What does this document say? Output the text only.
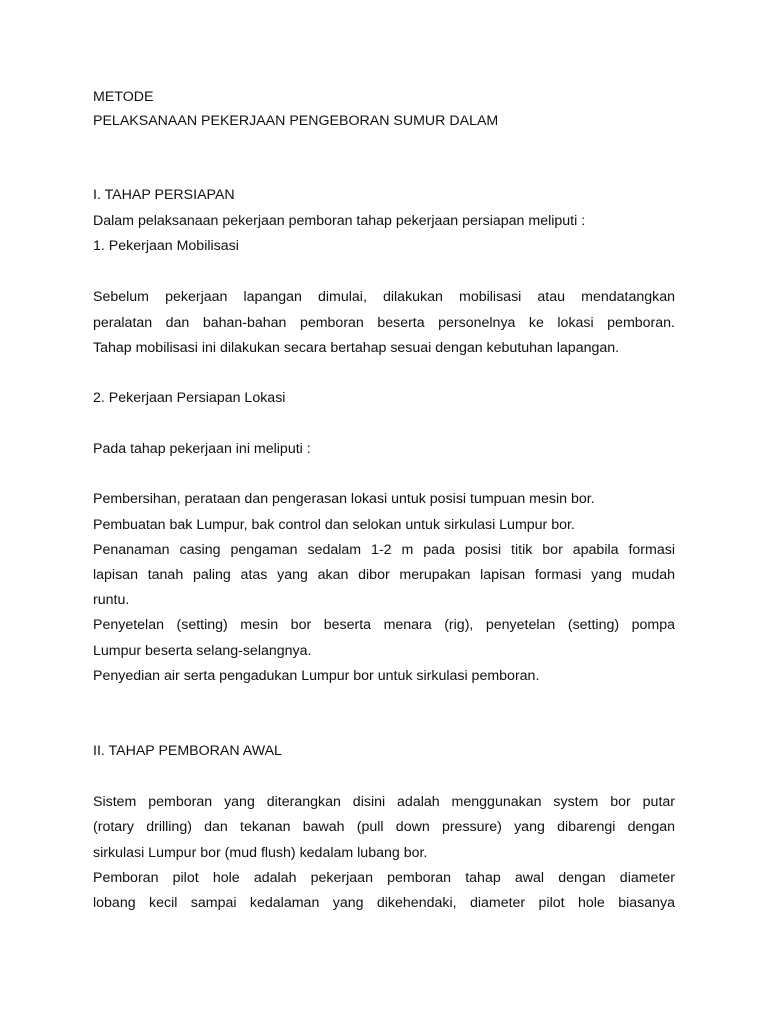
METODE

PELAKSANAAN PEKERJAAN PENGEBORAN SUMUR DALAM

I. TAHAP PERSIAPAN

Dalam pelaksanaan pekerjaan pemboran tahap pekerjaan persiapan meliputi :

1. Pekerjaan Mobilisasi

Sebelum pekerjaan lapangan dimulai, dilakukan mobilisasi atau mendatangkan

peralatan dan bahan-bahan pemboran beserta personelnya ke lokasi pemboran.

Tahap mobilisasi ini dilakukan secara bertahap sesuai dengan kebutuhan lapangan.

2. Pekerjaan Persiapan Lokasi

Pada tahap pekerjaan ini meliputi :

Pembersihan, perataan dan pengerasan lokasi untuk posisi tumpuan mesin bor.

Pembuatan bak Lumpur, bak control dan selokan untuk sirkulasi Lumpur bor.

Penanaman casing pengaman sedalam 1-2 m pada posisi titik bor apabila formasi

lapisan tanah paling atas yang akan dibor merupakan lapisan formasi yang mudah

runtu.

Penyetelan (setting) mesin bor beserta menara (rig), penyetelan (setting) pompa

Lumpur beserta selang-selangnya.

Penyedian air serta pengadukan Lumpur bor untuk sirkulasi pemboran.

II. TAHAP PEMBORAN AWAL

Sistem pemboran yang diterangkan disini adalah menggunakan system bor putar

(rotary drilling) dan tekanan bawah (pull down pressure) yang dibarengi dengan

sirkulasi Lumpur bor (mud flush) kedalam lubang bor.

Pemboran pilot hole adalah pekerjaan pemboran tahap awal dengan diameter

lobang kecil sampai kedalaman yang dikehendaki, diameter pilot hole biasanya
